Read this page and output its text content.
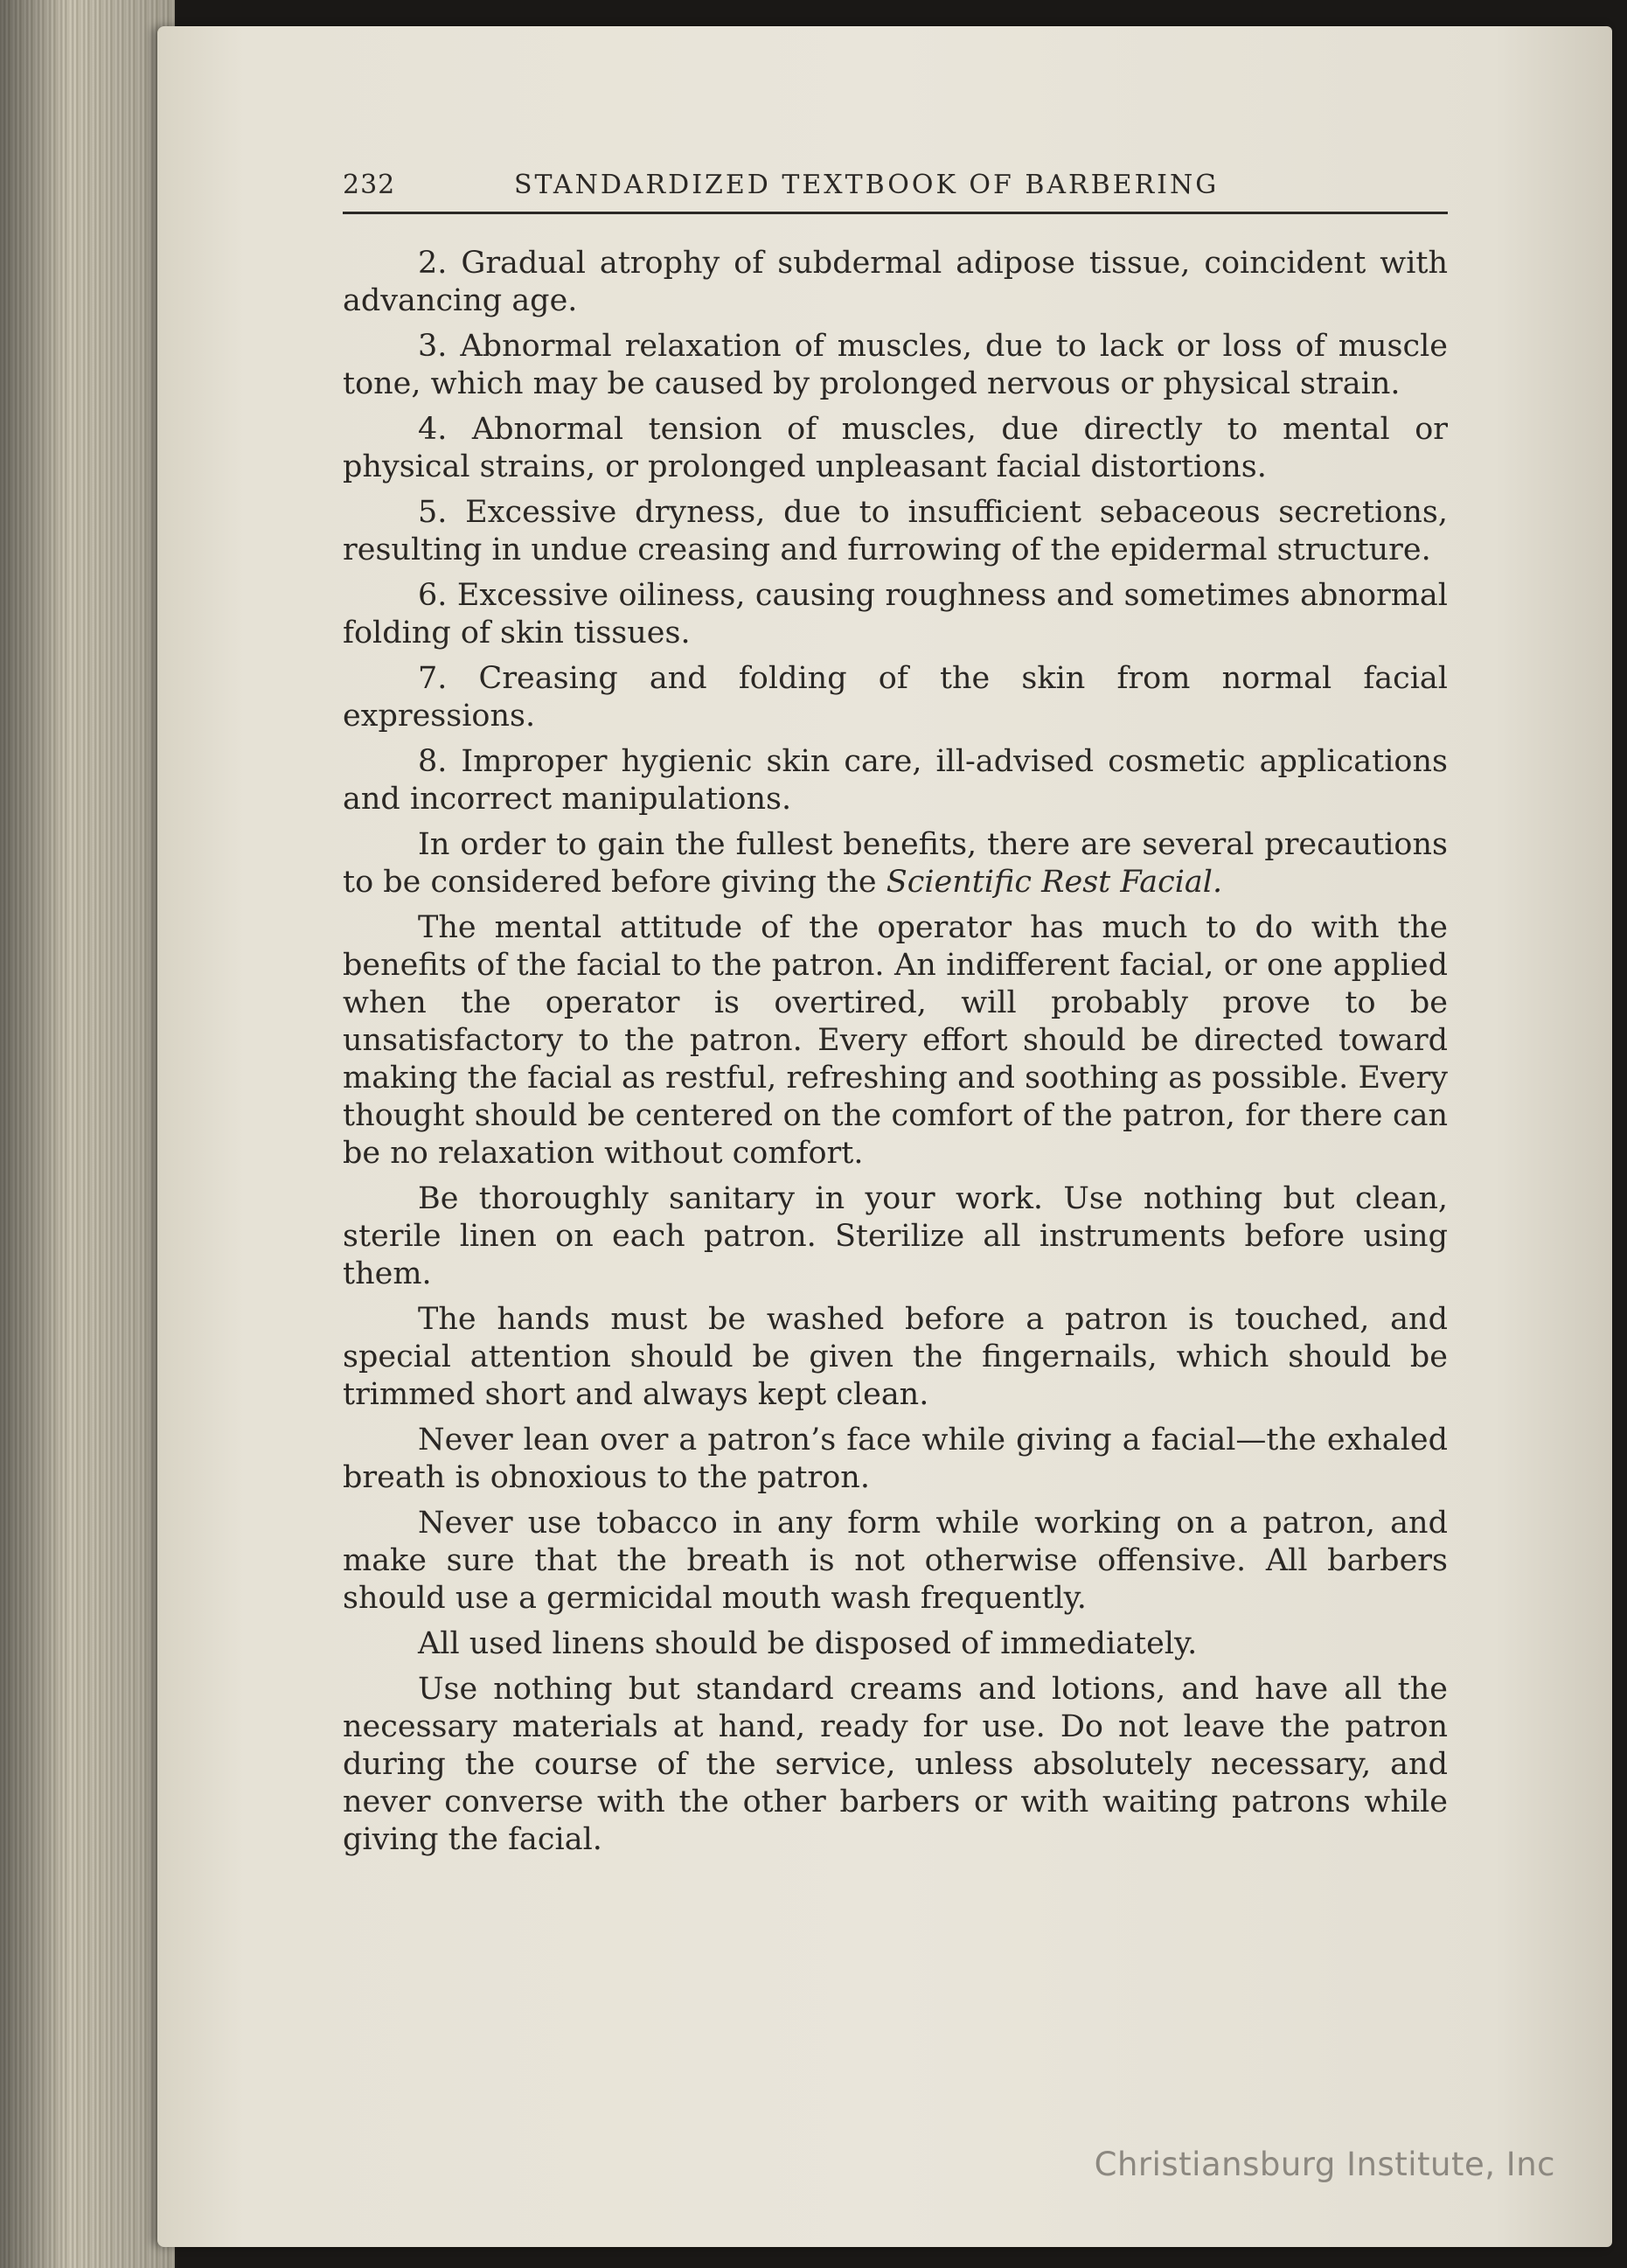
232	STANDARDIZED TEXTBOOK OF BARBERING

2. Gradual atrophy of subdermal adipose tissue, coincident with advancing age.

3. Abnormal relaxation of muscles, due to lack or loss of muscle tone, which may be caused by prolonged nervous or physical strain.

4. Abnormal tension of muscles, due directly to mental or physical strains, or prolonged unpleasant facial distortions.

5. Excessive dryness, due to insufficient sebaceous secretions, resulting in undue creasing and furrowing of the epidermal structure.

6. Excessive oiliness, causing roughness and sometimes abnormal folding of skin tissues.

7. Creasing and folding of the skin from normal facial expressions.

8. Improper hygienic skin care, ill-advised cosmetic applications and incorrect manipulations.

In order to gain the fullest benefits, there are several precautions to be considered before giving the Scientific Rest Facial.

The mental attitude of the operator has much to do with the benefits of the facial to the patron. An indifferent facial, or one applied when the operator is overtired, will probably prove to be unsatisfactory to the patron. Every effort should be directed toward making the facial as restful, refreshing and soothing as possible. Every thought should be centered on the comfort of the patron, for there can be no relaxation without comfort.

Be thoroughly sanitary in your work. Use nothing but clean, sterile linen on each patron. Sterilize all instruments before using them.

The hands must be washed before a patron is touched, and special attention should be given the fingernails, which should be trimmed short and always kept clean.

Never lean over a patron’s face while giving a facial—the exhaled breath is obnoxious to the patron.

Never use tobacco in any form while working on a patron, and make sure that the breath is not otherwise offensive. All barbers should use a germicidal mouth wash frequently.

All used linens should be disposed of immediately.

Use nothing but standard creams and lotions, and have all the necessary materials at hand, ready for use. Do not leave the patron during the course of the service, unless absolutely necessary, and never converse with the other barbers or with waiting patrons while giving the facial.

Christiansburg Institute, Inc
